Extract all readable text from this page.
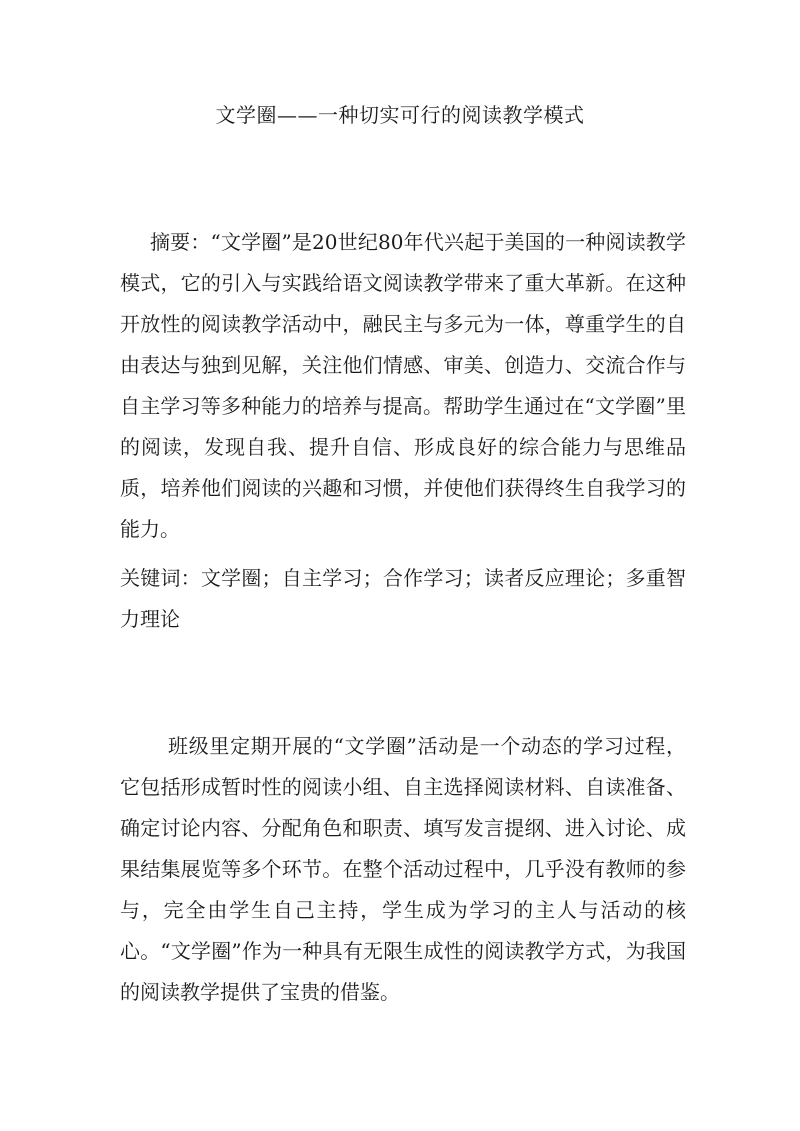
文学圈——一种切实可行的阅读教学模式

摘要：“文学圈”是20世纪80年代兴起于美国的一种阅读教学模式，它的引入与实践给语文阅读教学带来了重大革新。在这种开放性的阅读教学活动中，融民主与多元为一体，尊重学生的自由表达与独到见解，关注他们情感、审美、创造力、交流合作与自主学习等多种能力的培养与提高。帮助学生通过在“文学圈”里的阅读，发现自我、提升自信、形成良好的综合能力与思维品质，培养他们阅读的兴趣和习惯，并使他们获得终生自我学习的能力。

关键词：文学圈；自主学习；合作学习；读者反应理论；多重智力理论

班级里定期开展的“文学圈”活动是一个动态的学习过程，它包括形成暂时性的阅读小组、自主选择阅读材料、自读准备、确定讨论内容、分配角色和职责、填写发言提纲、进入讨论、成果结集展览等多个环节。在整个活动过程中，几乎没有教师的参与，完全由学生自己主持，学生成为学习的主人与活动的核心。“文学圈”作为一种具有无限生成性的阅读教学方式，为我国的阅读教学提供了宝贵的借鉴。
